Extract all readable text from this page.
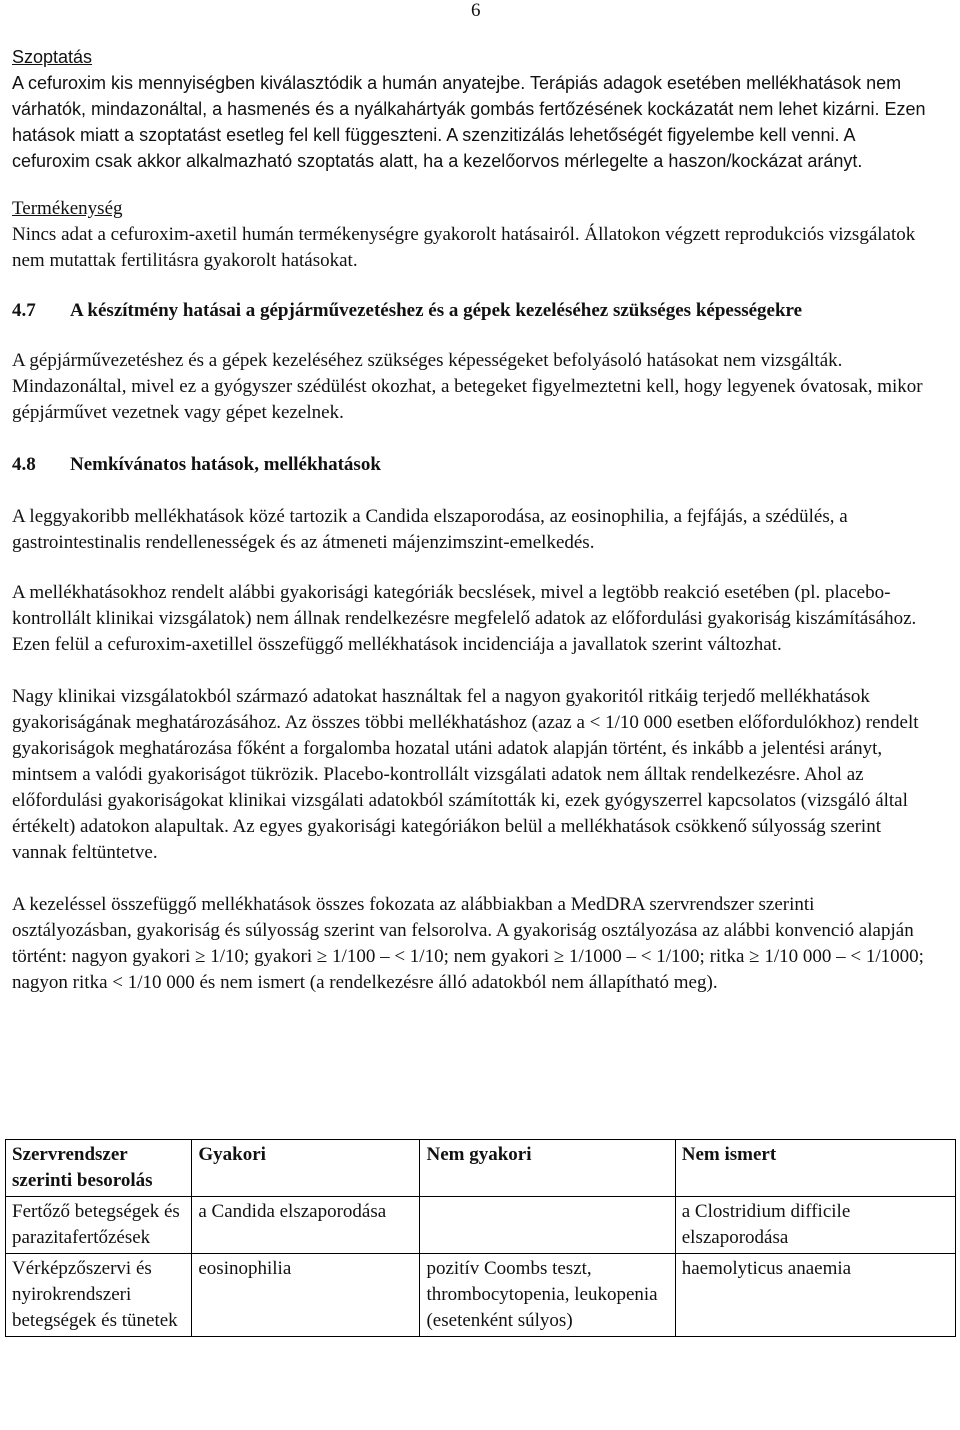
6

Szoptatás

A cefuroxim kis mennyiségben kiválasztódik a humán anyatejbe. Terápiás adagok esetében mellékhatások nem várhatók, mindazonáltal, a hasmenés és a nyálkahártyák gombás fertőzésének kockázatát nem lehet kizárni. Ezen hatások miatt a szoptatást esetleg fel kell függeszteni. A szenzitizálás lehetőségét figyelembe kell venni. A cefuroxim csak akkor alkalmazható szoptatás alatt, ha a kezelőorvos mérlegelte a haszon/kockázat arányt.

Termékenység

Nincs adat a cefuroxim-axetil humán termékenységre gyakorolt hatásairól. Állatokon végzett reprodukciós vizsgálatok nem mutattak fertilitásra gyakorolt hatásokat.

4.7	A készítmény hatásai a gépjárművezetéshez és a gépek kezeléséhez szükséges képességekre

A gépjárművezetéshez és a gépek kezeléséhez szükséges képességeket befolyásoló hatásokat nem vizsgálták. Mindazonáltal, mivel ez a gyógyszer szédülést okozhat, a betegeket figyelmeztetni kell, hogy legyenek óvatosak, mikor gépjárművet vezetnek vagy gépet kezelnek.

4.8	Nemkívánatos hatások, mellékhatások

A leggyakoribb mellékhatások közé tartozik a Candida elszaporodása, az eosinophilia, a fejfájás, a szédülés, a gastrointestinalis rendellenességek és az átmeneti májenzimszint-emelkedés.

A mellékhatásokhoz rendelt alábbi gyakorisági kategóriák becslések, mivel a legtöbb reakció esetében (pl. placebo-kontrollált klinikai vizsgálatok) nem állnak rendelkezésre megfelelő adatok az előfordulási gyakoriság kiszámításához. Ezen felül a cefuroxim-axetillel összefüggő mellékhatások incidenciája a javallatok szerint változhat.

Nagy klinikai vizsgálatokból származó adatokat használtak fel a nagyon gyakoritól ritkáig terjedő mellékhatások gyakoriságának meghatározásához. Az összes többi mellékhatáshoz (azaz a < 1/10 000 esetben előfordulókhoz) rendelt gyakoriságok meghatározása főként a forgalomba hozatal utáni adatok alapján történt, és inkább a jelentési arányt, mintsem a valódi gyakoriságot tükrözik. Placebo-kontrollált vizsgálati adatok nem álltak rendelkezésre. Ahol az előfordulási gyakoriságokat klinikai vizsgálati adatokból számították ki, ezek gyógyszerrel kapcsolatos (vizsgáló által értékelt) adatokon alapultak. Az egyes gyakorisági kategóriákon belül a mellékhatások csökkenő súlyosság szerint vannak feltüntetve.

A kezeléssel összefüggő mellékhatások összes fokozata az alábbiakban a MedDRA szervrendszer szerinti osztályozásban, gyakoriság és súlyosság szerint van felsorolva. A gyakoriság osztályozása az alábbi konvenció alapján történt: nagyon gyakori ≥ 1/10; gyakori ≥ 1/100 – < 1/10; nem gyakori ≥ 1/1000 – < 1/100; ritka ≥ 1/10 000 – < 1/1000; nagyon ritka < 1/10 000 és nem ismert (a rendelkezésre álló adatokból nem állapítható meg).

Szervrendszer szerinti besorolás	Gyakori	Nem gyakori	Nem ismert
Fertőző betegségek és parazitafertőzések	a Candida elszaporodása		a Clostridium difficile elszaporodása
Vérképzőszervi és nyirokrendszeri betegségek és tünetek	eosinophilia	pozitív Coombs teszt, thrombocytopenia, leukopenia (esetenként súlyos)	haemolyticus anaemia
